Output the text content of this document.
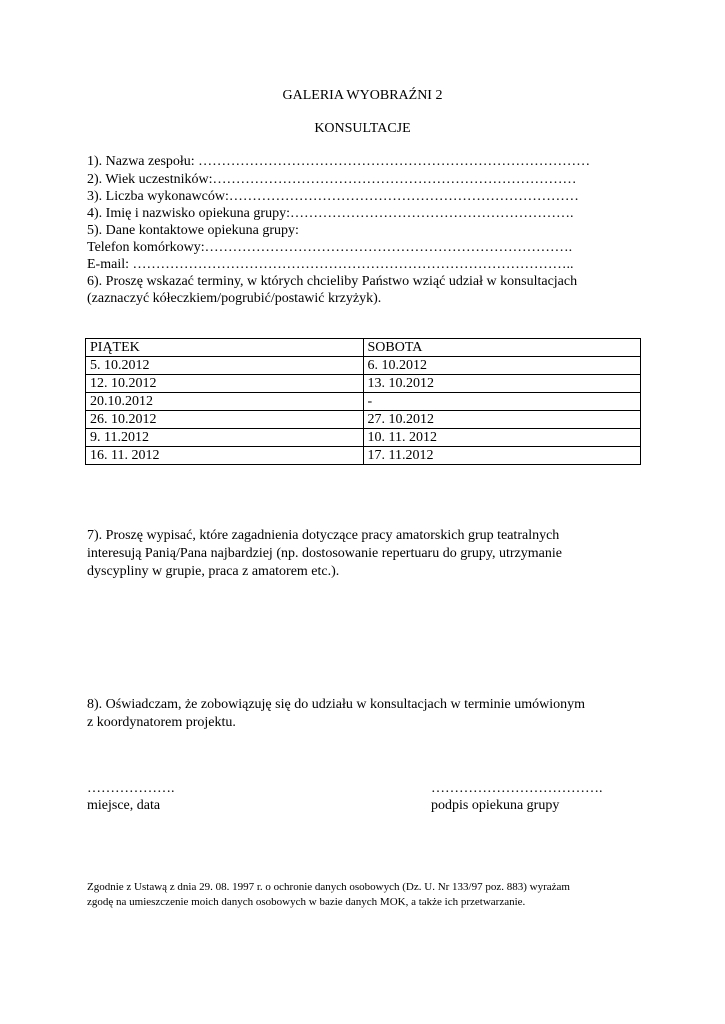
GALERIA WYOBRAŹNI 2
KONSULTACJE
1). Nazwa zespołu: …………………………………………………………………………
2). Wiek uczestników:……………………………………………………………………
3). Liczba wykonawców:…………………………………………………………………
4). Imię i nazwisko opiekuna grupy:…………………………………………………….
5). Dane kontaktowe opiekuna grupy:
Telefon komórkowy:…………………………………………………………………….
E-mail: …………………………………………………………………………………..
6). Proszę wskazać terminy, w których chcieliby Państwo wziąć udział w konsultacjach
(zaznaczyć kółeczkiem/pogrubić/postawić krzyżyk).
PIĄTEK	SOBOTA
5. 10.2012	6. 10.2012
12. 10.2012	13. 10.2012
20.10.2012	-
26. 10.2012	27. 10.2012
9. 11.2012	10. 11. 2012
16. 11. 2012	17. 11.2012
7). Proszę wypisać, które zagadnienia dotyczące pracy amatorskich grup teatralnych
interesują Panią/Pana najbardziej (np. dostosowanie repertuaru do grupy, utrzymanie
dyscypliny w grupie, praca z amatorem etc.).
8). Oświadczam, że zobowiązuję się do udziału w konsultacjach w terminie umówionym
z koordynatorem projektu.
……………….
miejsce, data
……………………………….
podpis opiekuna grupy
Zgodnie z Ustawą z dnia 29. 08. 1997 r. o ochronie danych osobowych (Dz. U. Nr 133/97 poz. 883) wyrażam
zgodę na umieszczenie moich danych osobowych w bazie danych MOK, a także ich przetwarzanie.
